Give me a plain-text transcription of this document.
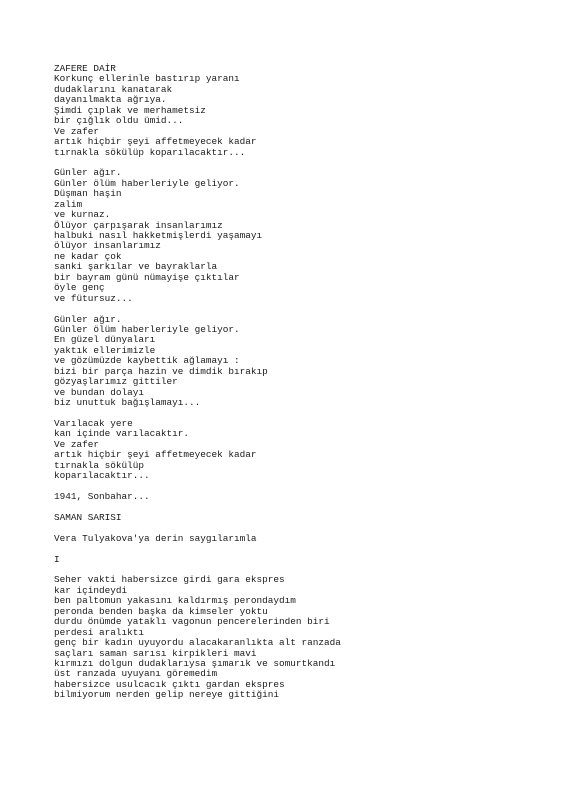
ZAFERE DAİR
Korkunç ellerinle bastırıp yaranı
dudaklarını kanatarak
dayanılmakta ağrıya.
Şimdi çıplak ve merhametsiz
bir çığlık oldu ümid...
Ve zafer
artık hiçbir şeyi affetmeyecek kadar
tırnakla sökülüp koparılacaktır...
Günler ağır.
Günler ölüm haberleriyle geliyor.
Düşman haşin
zalim
ve kurnaz.
Ölüyor çarpışarak insanlarımız
halbuki nasıl hakketmişlerdi yaşamayı
ölüyor insanlarımız
ne kadar çok
sanki şarkılar ve bayraklarla
bir bayram günü nümayişe çıktılar
öyle genç
ve fütursuz...
Günler ağır.
Günler ölüm haberleriyle geliyor.
En güzel dünyaları
yaktık ellerimizle
ve gözümüzde kaybettik ağlamayı :
bizi bir parça hazin ve dimdik bırakıp
gözyaşlarımız gittiler
ve bundan dolayı
biz unuttuk bağışlamayı...
Varılacak yere
kan içinde varılacaktır.
Ve zafer
artık hiçbir şeyi affetmeyecek kadar
tırnakla sökülüp
koparılacaktır...
1941, Sonbahar...
SAMAN SARISI
Vera Tulyakova'ya derin saygılarımla
I
Seher vakti habersizce girdi gara ekspres
kar içindeydi
ben paltomun yakasını kaldırmış perondaydım
peronda benden başka da kimseler yoktu
durdu önümde yataklı vagonun pencerelerinden biri
perdesi aralıktı
genç bir kadın uyuyordu alacakaranlıkta alt ranzada
saçları saman sarısı kirpikleri mavi
kırmızı dolgun dudaklarıysa şımarık ve somurtkandı
üst ranzada uyuyanı göremedim
habersizce usulcacık çıktı gardan ekspres
bilmiyorum nerden gelip nereye gittiğini
